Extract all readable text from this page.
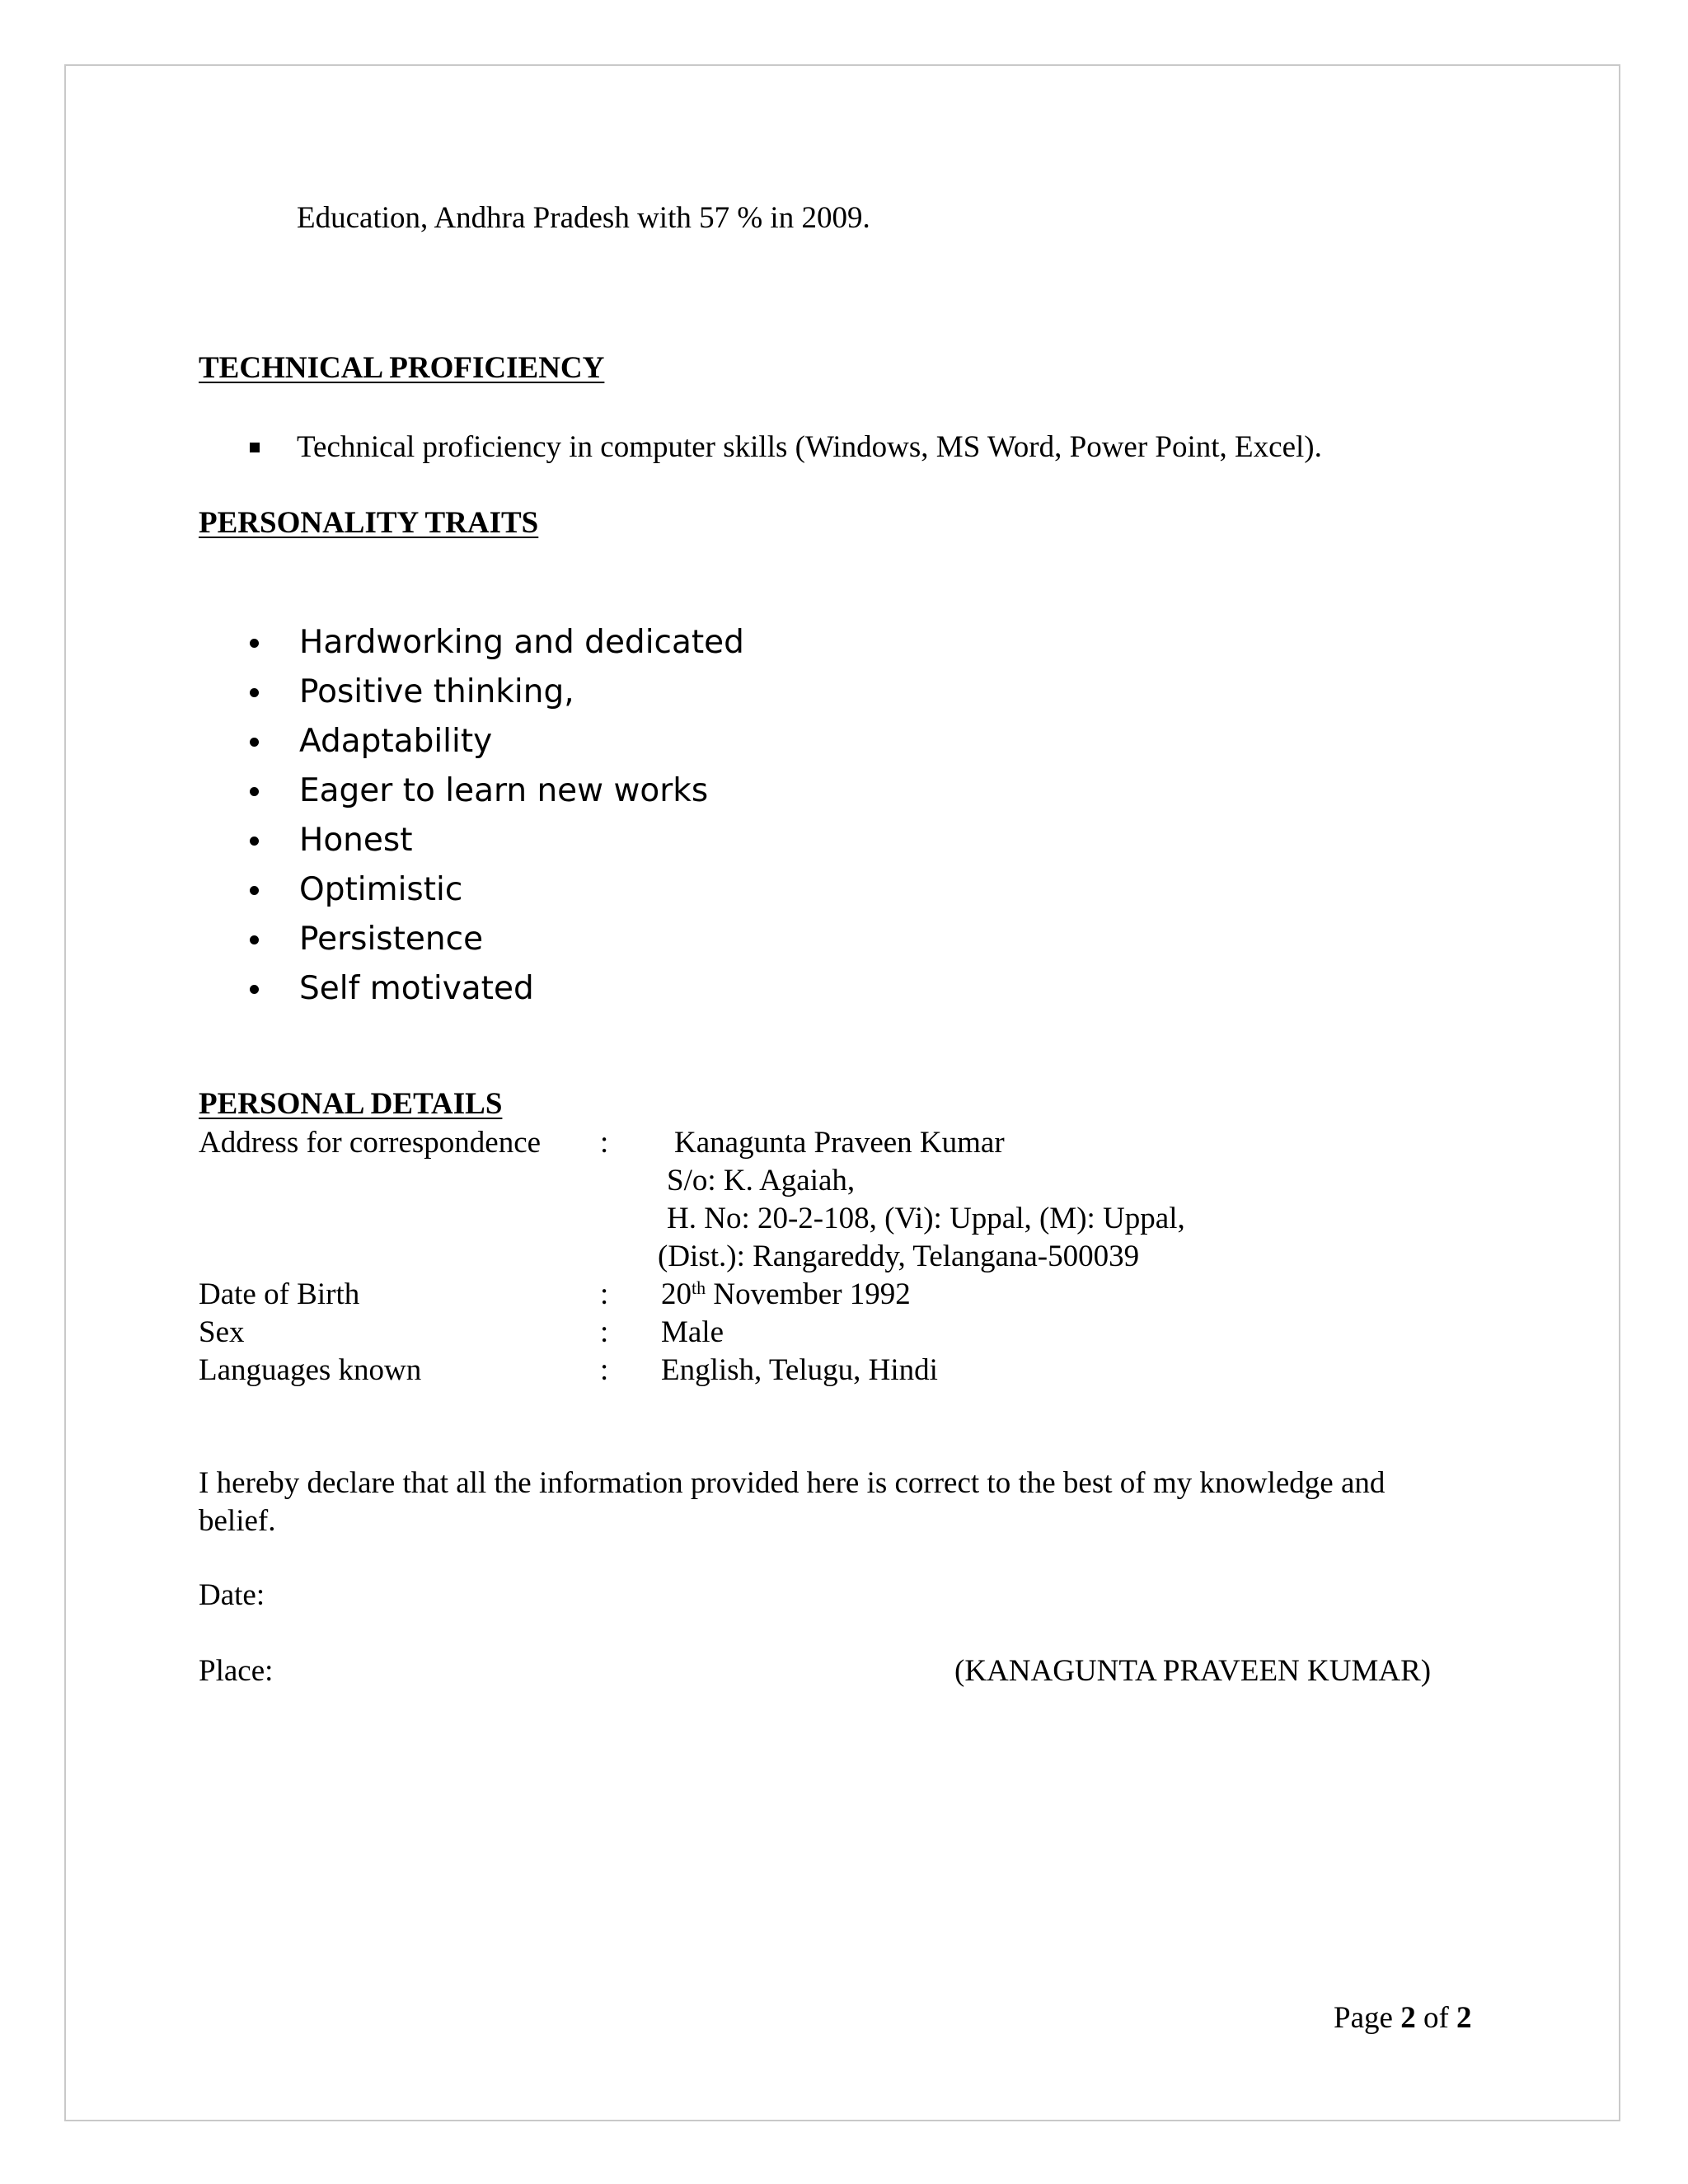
Education, Andhra Pradesh with 57 % in 2009.
TECHNICAL PROFICIENCY
Technical proficiency in computer skills (Windows, MS Word, Power Point, Excel).
PERSONALITY TRAITS
Hardworking and dedicated
Positive thinking,
Adaptability
Eager to learn new works
Honest
Optimistic
Persistence
Self motivated
PERSONAL DETAILS
Address for correspondence : Kanagunta Praveen Kumar
S/o: K. Agaiah,
H. No: 20-2-108, (Vi): Uppal, (M): Uppal,
(Dist.): Rangareddy, Telangana-500039
Date of Birth	: 20th November 1992
Sex	: Male
Languages known	: English, Telugu, Hindi
I hereby declare that all the information provided here is correct to the best of my knowledge and
belief.
Date:
Place:	(KANAGUNTA PRAVEEN KUMAR)
Page 2 of 2
